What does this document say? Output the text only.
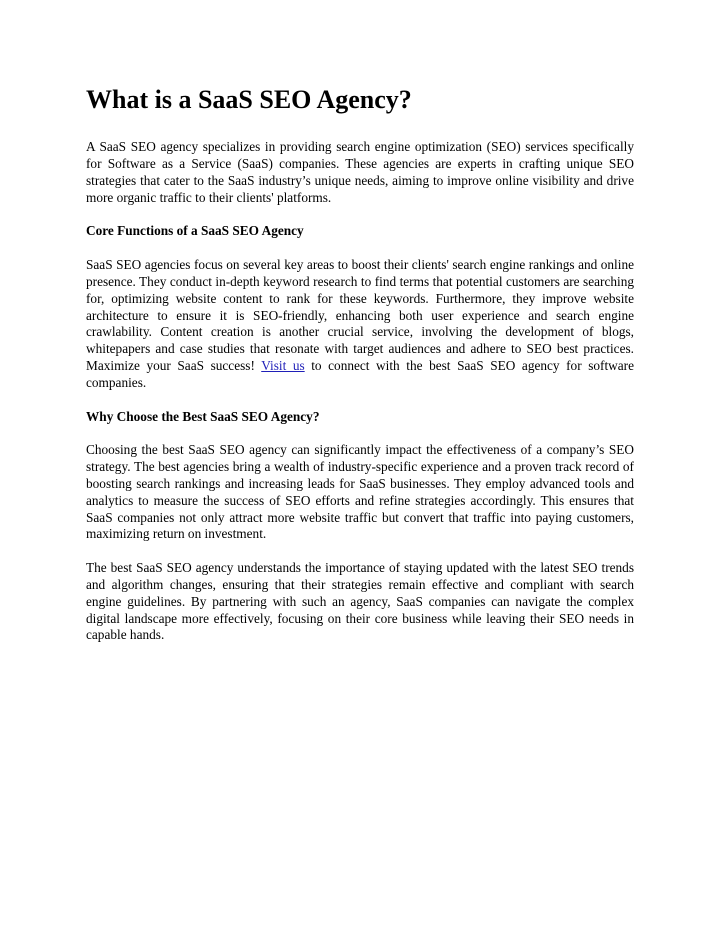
What is a SaaS SEO Agency?

A SaaS SEO agency specializes in providing search engine optimization (SEO) services specifically for Software as a Service (SaaS) companies. These agencies are experts in crafting unique SEO strategies that cater to the SaaS industry’s unique needs, aiming to improve online visibility and drive more organic traffic to their clients' platforms.

Core Functions of a SaaS SEO Agency

SaaS SEO agencies focus on several key areas to boost their clients' search engine rankings and online presence. They conduct in-depth keyword research to find terms that potential customers are searching for, optimizing website content to rank for these keywords. Furthermore, they improve website architecture to ensure it is SEO-friendly, enhancing both user experience and search engine crawlability. Content creation is another crucial service, involving the development of blogs, whitepapers and case studies that resonate with target audiences and adhere to SEO best practices. Maximize your SaaS success! Visit us to connect with the best SaaS SEO agency for software companies.

Why Choose the Best SaaS SEO Agency?

Choosing the best SaaS SEO agency can significantly impact the effectiveness of a company’s SEO strategy. The best agencies bring a wealth of industry-specific experience and a proven track record of boosting search rankings and increasing leads for SaaS businesses. They employ advanced tools and analytics to measure the success of SEO efforts and refine strategies accordingly. This ensures that SaaS companies not only attract more website traffic but convert that traffic into paying customers, maximizing return on investment.

The best SaaS SEO agency understands the importance of staying updated with the latest SEO trends and algorithm changes, ensuring that their strategies remain effective and compliant with search engine guidelines. By partnering with such an agency, SaaS companies can navigate the complex digital landscape more effectively, focusing on their core business while leaving their SEO needs in capable hands.
